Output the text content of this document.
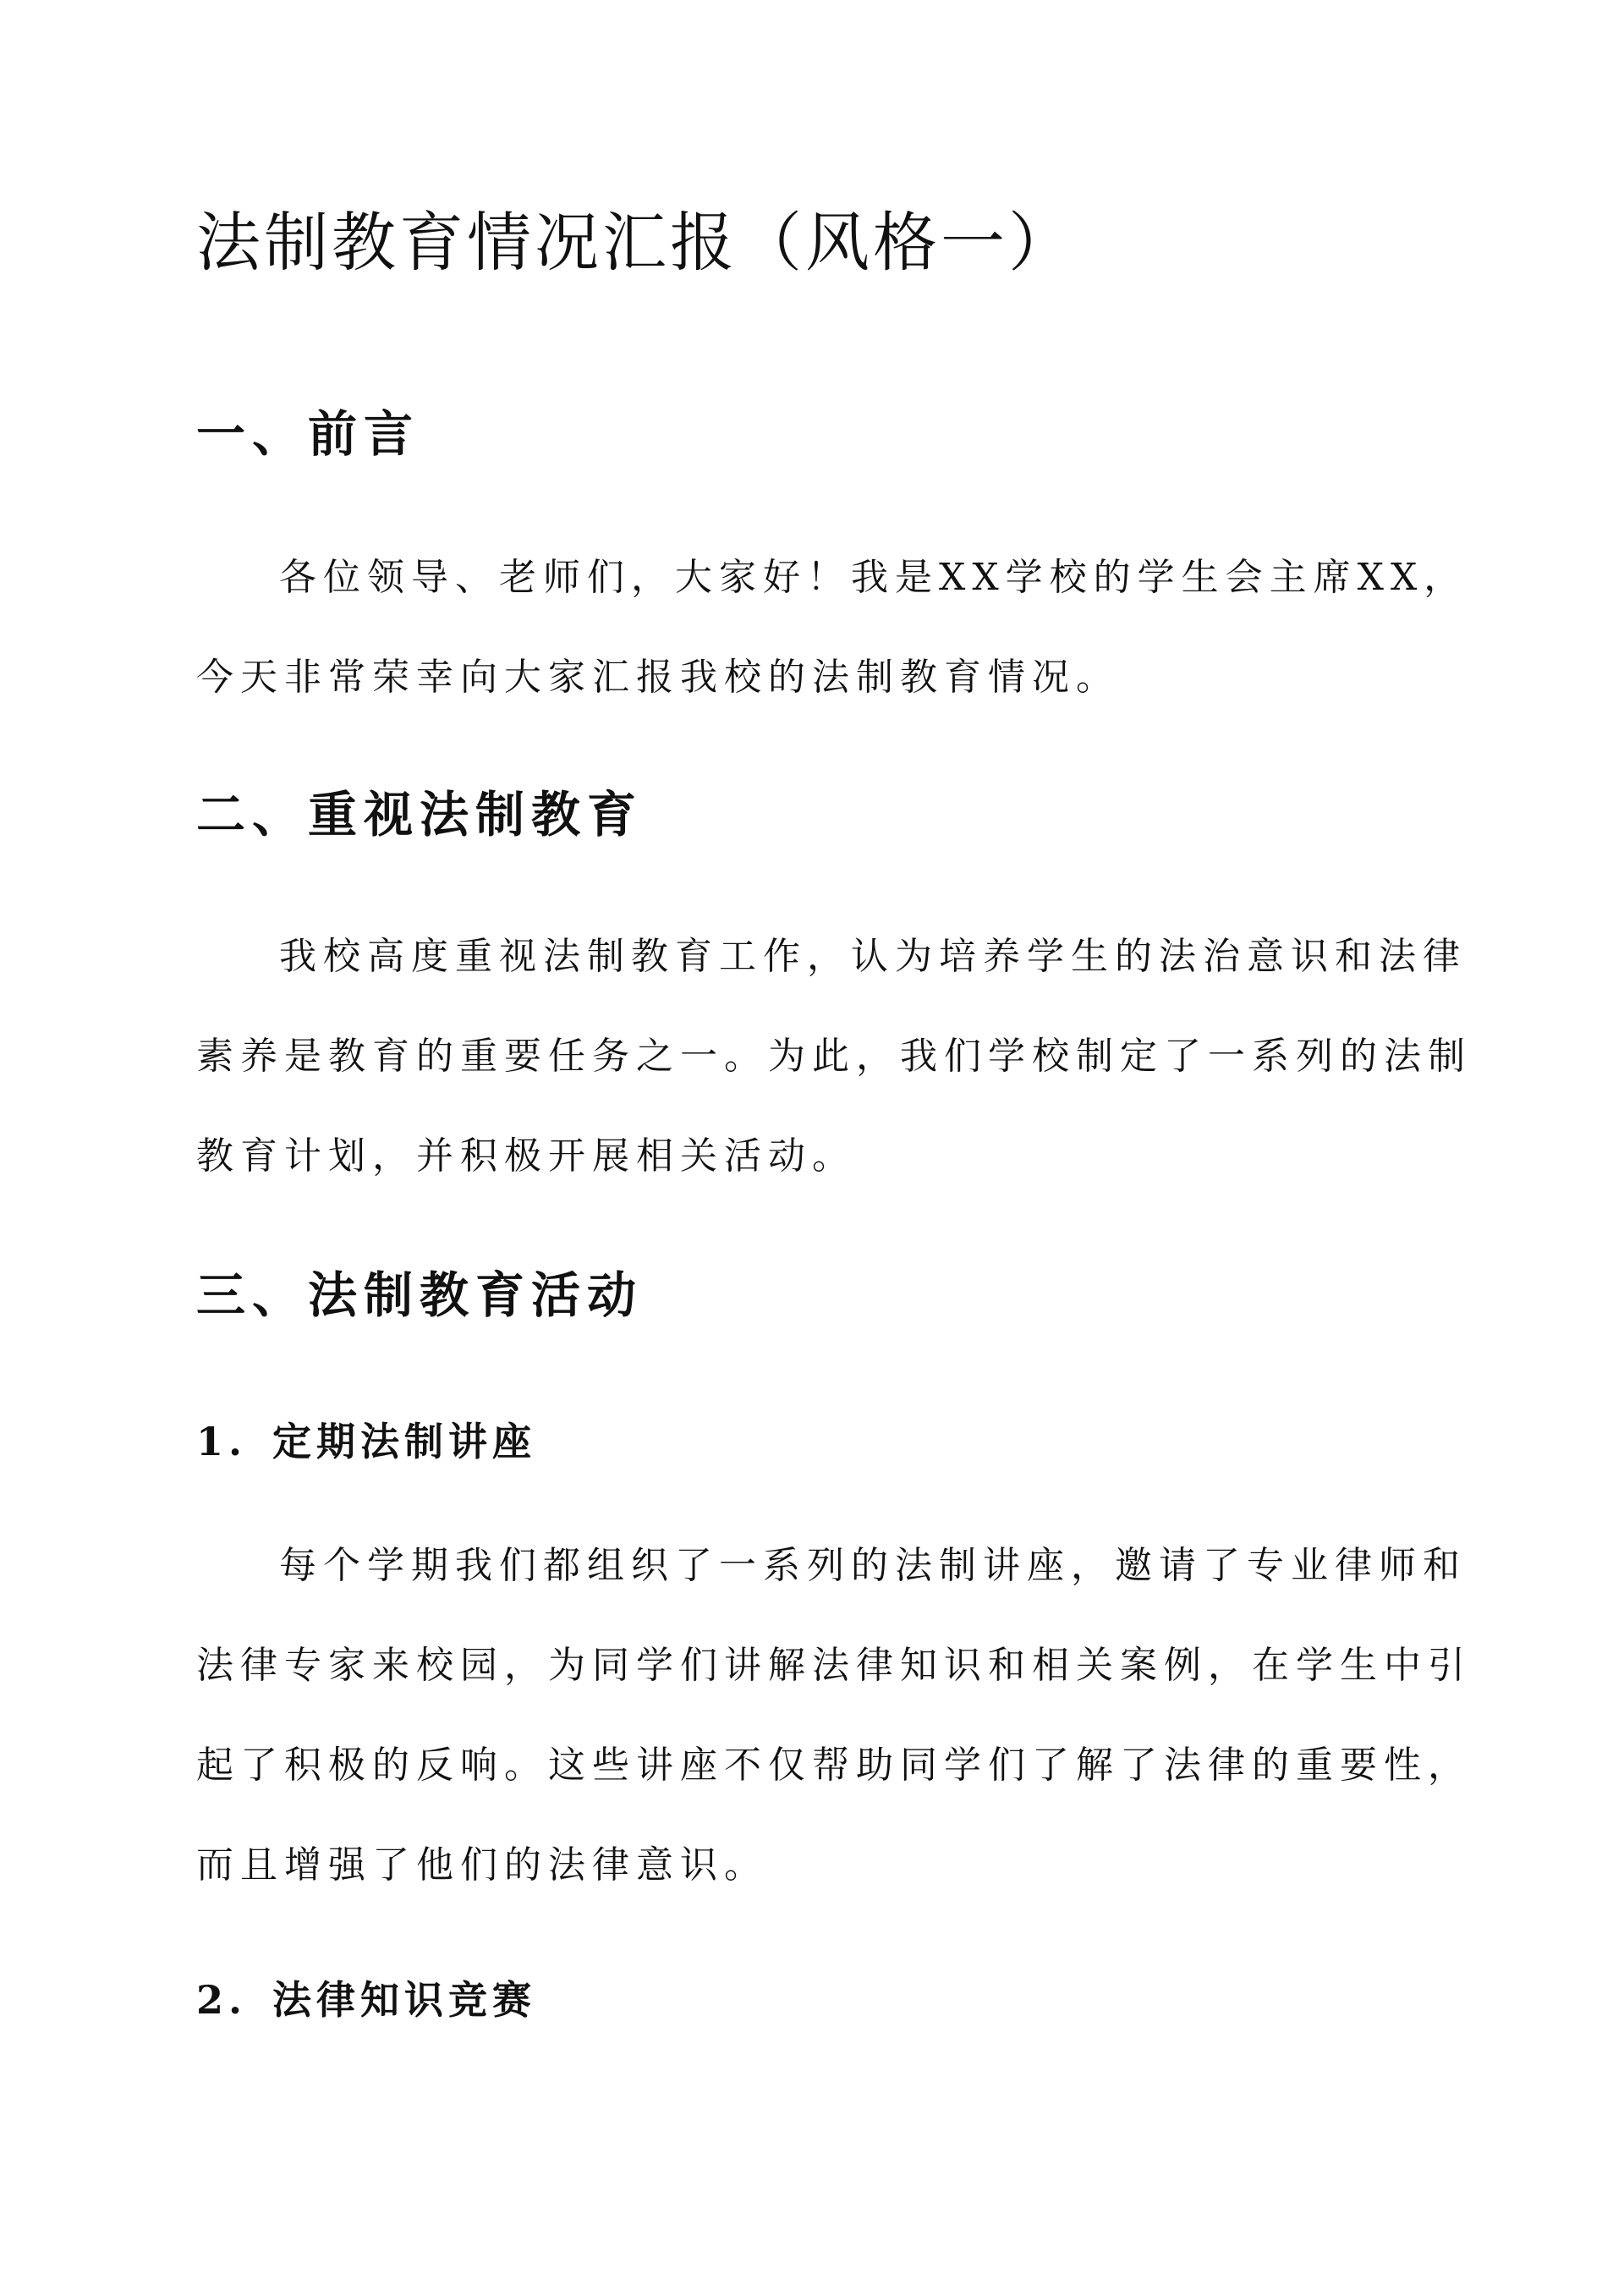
法制教育情况汇报（风格一）
一、前言
各位领导、老师们，大家好！我是XX学校的学生会主席XX，
今天非常荣幸向大家汇报我校的法制教育情况。
二、重视法制教育
我校高度重视法制教育工作，认为培养学生的法治意识和法律
素养是教育的重要任务之一。为此，我们学校制定了一系列的法制
教育计划，并积极开展相关活动。
三、法制教育活动
1. 定期法制讲座
每个学期我们都组织了一系列的法制讲座，邀请了专业律师和
法律专家来校园，为同学们讲解法律知识和相关案例，在学生中引
起了积极的反响。这些讲座不仅帮助同学们了解了法律的重要性，
而且增强了他们的法律意识。
2. 法律知识竞赛
